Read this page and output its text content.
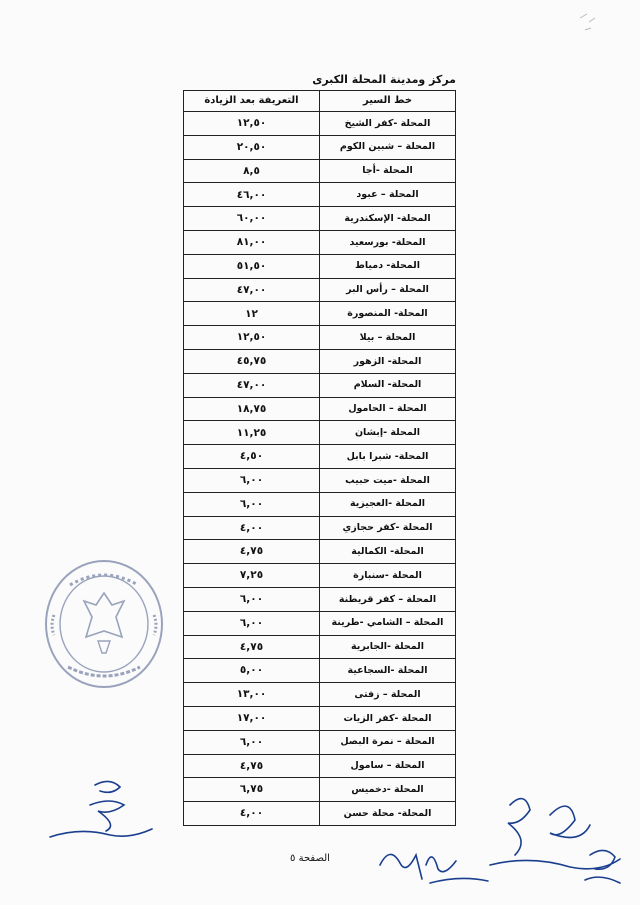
مركز ومدينة المحلة الكبرى
خط السير	التعريفة بعد الزيادة
المحلة -كفر الشيخ	١٢,٥٠
المحلة – شبين الكوم	٢٠,٥٠
المحلة -أجا	٨,٥
المحلة – عبود	٤٦,٠٠
المحلة- الإسكندرية	٦٠,٠٠
المحلة- بورسعيد	٨١,٠٠
المحلة- دمياط	٥١,٥٠
المحلة – رأس البر	٤٧,٠٠
المحلة- المنصورة	١٢
المحلة – بيلا	١٢,٥٠
المحلة- الزهور	٤٥,٧٥
المحلة- السلام	٤٧,٠٠
المحلة – الحامول	١٨,٧٥
المحلة -إبشان	١١,٢٥
المحلة- شبرا بابل	٤,٥٠
المحلة -ميت حبيب	٦,٠٠
المحلة -العجيزية	٦,٠٠
المحلة -كفر حجازي	٤,٠٠
المحلة- الكمالية	٤,٧٥
المحلة -سنبارة	٧,٢٥
المحلة – كفر قريطنة	٦,٠٠
المحلة – الشامي -طرينة	٦,٠٠
المحلة -الجابرية	٤,٧٥
المحلة -السجاعية	٥,٠٠
المحلة – زفتى	١٣,٠٠
المحلة -كفر الزيات	١٧,٠٠
المحلة – نمرة البصل	٦,٠٠
المحلة – سامول	٤,٧٥
المحلة -دخميس	٦,٧٥
المحلة- محلة حسن	٤,٠٠
الصفحة ٥
